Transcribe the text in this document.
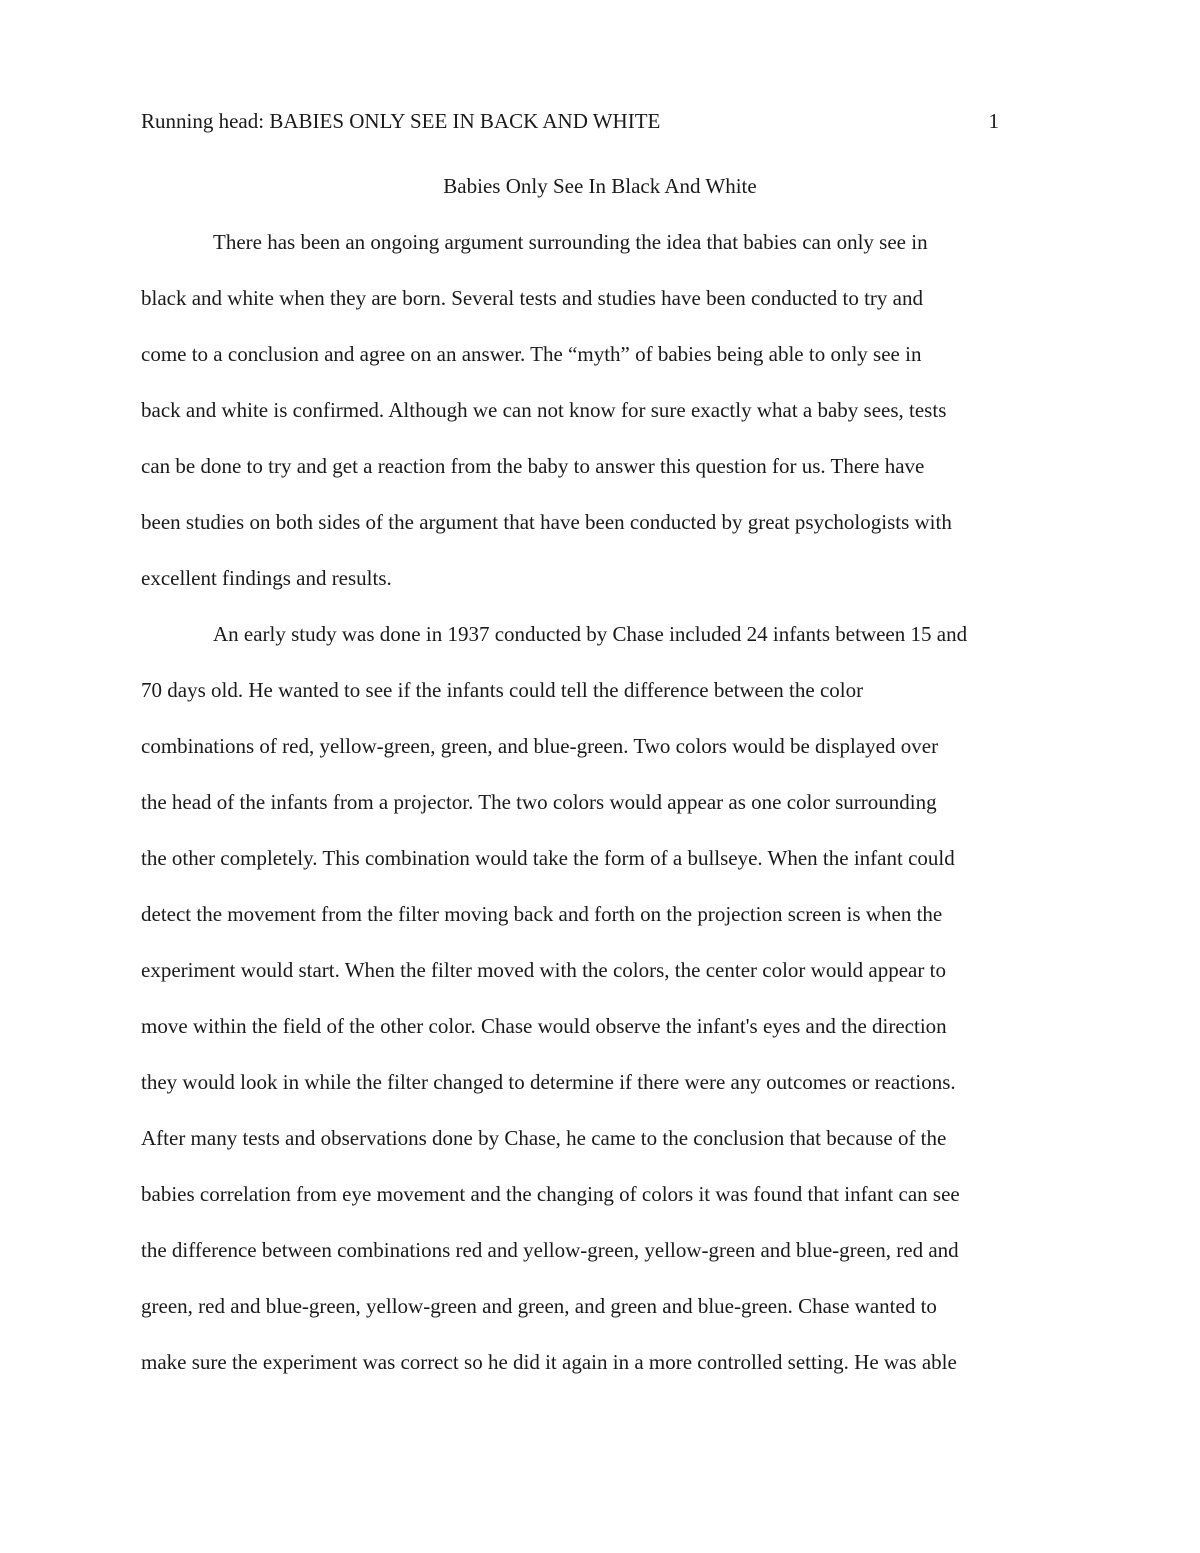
Running head: BABIES ONLY SEE IN BACK AND WHITE	1
Babies Only See In Black And White
There has been an ongoing argument surrounding the idea that babies can only see in
black and white when they are born. Several tests and studies have been conducted to try and
come to a conclusion and agree on an answer. The “myth” of babies being able to only see in
back and white is confirmed. Although we can not know for sure exactly what a baby sees, tests
can be done to try and get a reaction from the baby to answer this question for us. There have
been studies on both sides of the argument that have been conducted by great psychologists with
excellent findings and results.
An early study was done in 1937 conducted by Chase included 24 infants between 15 and
70 days old. He wanted to see if the infants could tell the difference between the color
combinations of red, yellow-green, green, and blue-green. Two colors would be displayed over
the head of the infants from a projector. The two colors would appear as one color surrounding
the other completely. This combination would take the form of a bullseye. When the infant could
detect the movement from the filter moving back and forth on the projection screen is when the
experiment would start. When the filter moved with the colors, the center color would appear to
move within the field of the other color. Chase would observe the infant's eyes and the direction
they would look in while the filter changed to determine if there were any outcomes or reactions.
After many tests and observations done by Chase, he came to the conclusion that because of the
babies correlation from eye movement and the changing of colors it was found that infant can see
the difference between combinations red and yellow-green, yellow-green and blue-green, red and
green, red and blue-green, yellow-green and green, and green and blue-green. Chase wanted to
make sure the experiment was correct so he did it again in a more controlled setting. He was able
